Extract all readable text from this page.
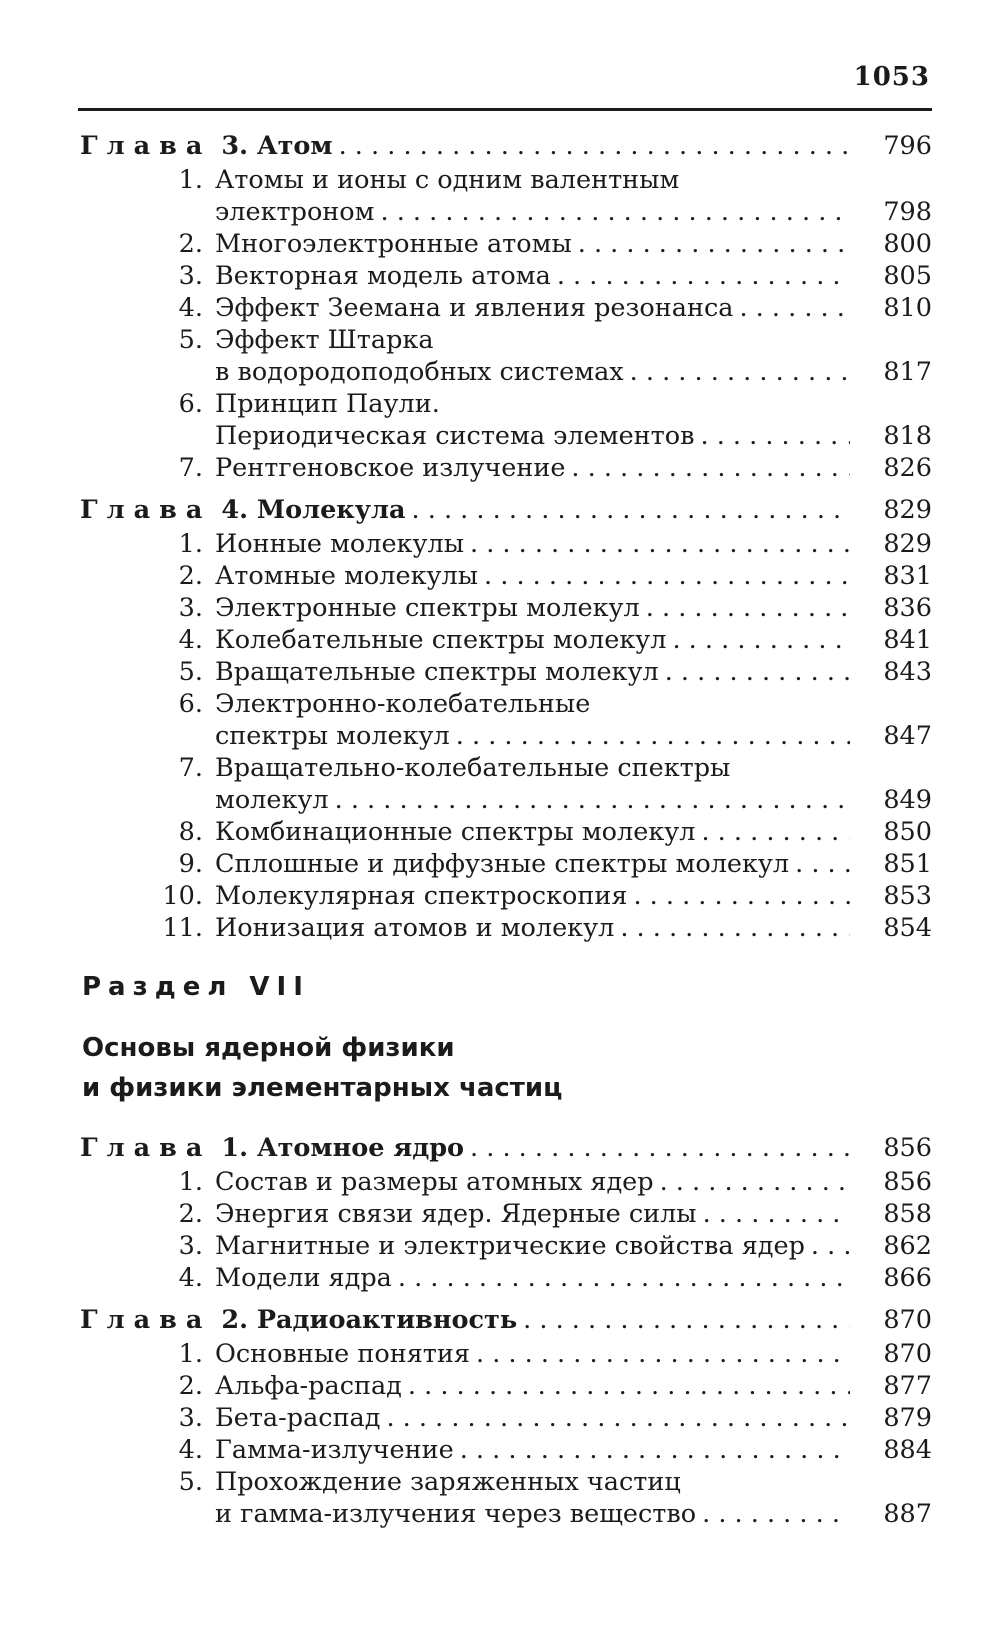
1053
Глава 3. Атом . . .	796
1. Атомы и ионы с одним валентным
электроном . . .	798
2. Многоэлектронные атомы . . .	800
3. Векторная модель атома . . .	805
4. Эффект Зеемана и явления резонанса . . .	810
5. Эффект Штарка
в водородоподобных системах . . .	817
6. Принцип Паули.
Периодическая система элементов . . .	818
7. Рентгеновское излучение . . .	826
Глава 4. Молекула . . .	829
1. Ионные молекулы . . .	829
2. Атомные молекулы . . .	831
3. Электронные спектры молекул . . .	836
4. Колебательные спектры молекул . . .	841
5. Вращательные спектры молекул . . .	843
6. Электронно-колебательные
спектры молекул . . .	847
7. Вращательно-колебательные спектры
молекул . . .	849
8. Комбинационные спектры молекул . . .	850
9. Сплошные и диффузные спектры молекул . . .	851
10. Молекулярная спектроскопия . . .	853
11. Ионизация атомов и молекул . . .	854
Раздел VII
Основы ядерной физики
и физики элементарных частиц
Глава 1. Атомное ядро . . .	856
1. Состав и размеры атомных ядер . . .	856
2. Энергия связи ядер. Ядерные силы . . .	858
3. Магнитные и электрические свойства ядер . . .	862
4. Модели ядра . . .	866
Глава 2. Радиоактивность . . .	870
1. Основные понятия . . .	870
2. Альфа-распад . . .	877
3. Бета-распад . . .	879
4. Гамма-излучение . . .	884
5. Прохождение заряженных частиц
и гамма-излучения через вещество . . .	887
